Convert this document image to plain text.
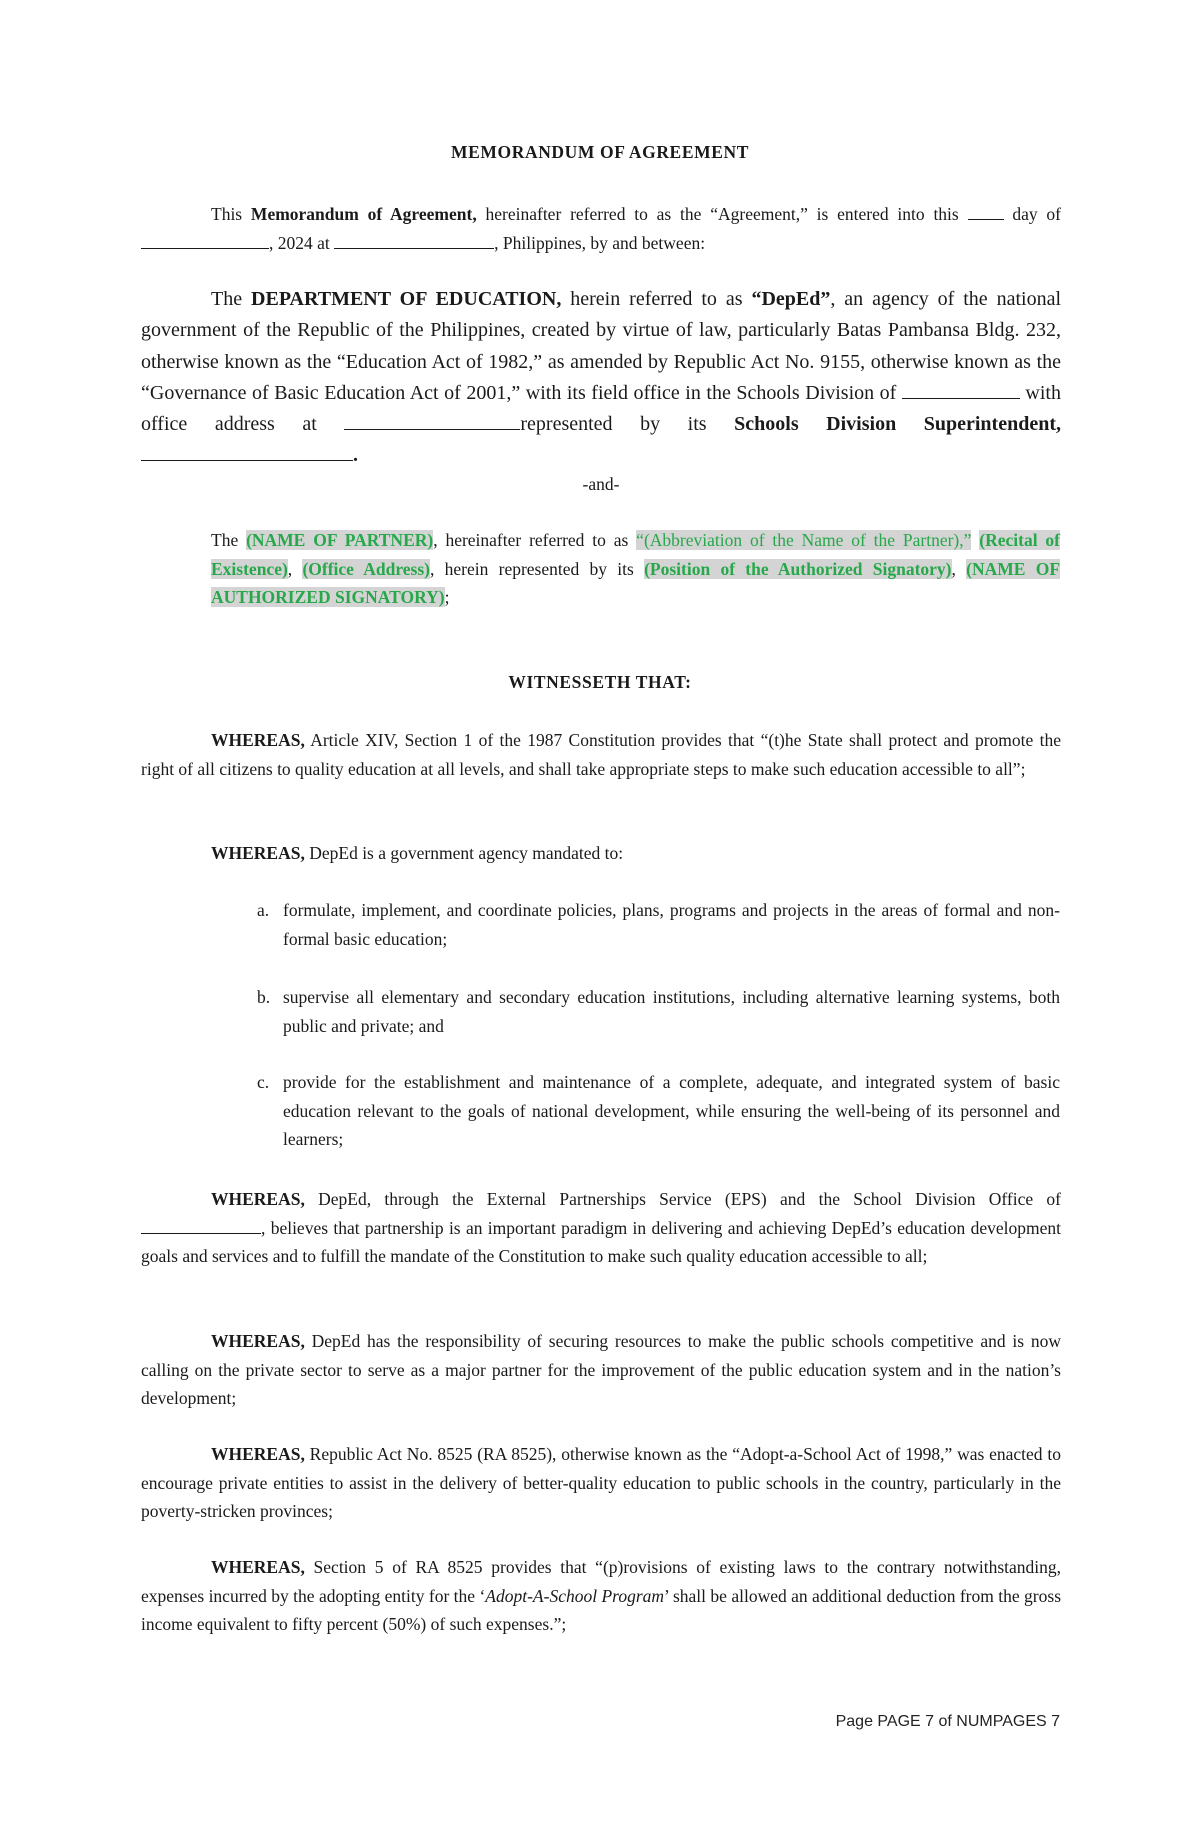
MEMORANDUM OF AGREEMENT
This Memorandum of Agreement, hereinafter referred to as the “Agreement,” is entered into this  day of , 2024 at	, Philippines, by and between:
The DEPARTMENT OF EDUCATION, herein referred to as “DepEd”, an agency of the national government of the Republic of the Philippines, created by virtue of law, particularly Batas Pambansa Bldg. 232, otherwise known as the “Education Act of 1982,” as amended by Republic Act No. 9155, otherwise known as the “Governance of Basic Education Act of 2001,” with its field office in the Schools Division of	with office address at	represented by its Schools Division Superintendent, .
-and-
The (NAME OF PARTNER), hereinafter referred to as “(Abbreviation of the Name of the Partner),” (Recital of Existence), (Office Address), herein represented by its (Position of the Authorized Signatory), (NAME OF AUTHORIZED SIGNATORY);
WITNESSETH THAT:
WHEREAS, Article XIV, Section 1 of the 1987 Constitution provides that “(t)he State shall protect and promote the right of all citizens to quality education at all levels, and shall take appropriate steps to make such education accessible to all”;
WHEREAS, DepEd is a government agency mandated to:
a. formulate, implement, and coordinate policies, plans, programs and projects in the areas of formal and non-formal basic education;
b. supervise all elementary and secondary education institutions, including alternative learning systems, both public and private; and
c. provide for the establishment and maintenance of a complete, adequate, and integrated system of basic education relevant to the goals of national development, while ensuring the well-being of its personnel and learners;
WHEREAS, DepEd, through the External Partnerships Service (EPS) and the School Division Office of , believes that partnership is an important paradigm in delivering and achieving DepEd’s education development goals and services and to fulfill the mandate of the Constitution to make such quality education accessible to all;
WHEREAS, DepEd has the responsibility of securing resources to make the public schools competitive and is now calling on the private sector to serve as a major partner for the improvement of the public education system and in the nation’s development;
WHEREAS, Republic Act No. 8525 (RA 8525), otherwise known as the “Adopt-a-School Act of 1998,” was enacted to encourage private entities to assist in the delivery of better-quality education to public schools in the country, particularly in the poverty-stricken provinces;
WHEREAS, Section 5 of RA 8525 provides that “(p)rovisions of existing laws to the contrary notwithstanding, expenses incurred by the adopting entity for the ‘Adopt-A-School Program’ shall be allowed an additional deduction from the gross income equivalent to fifty percent (50%) of such expenses.”;
Page PAGE 7 of NUMPAGES 7
